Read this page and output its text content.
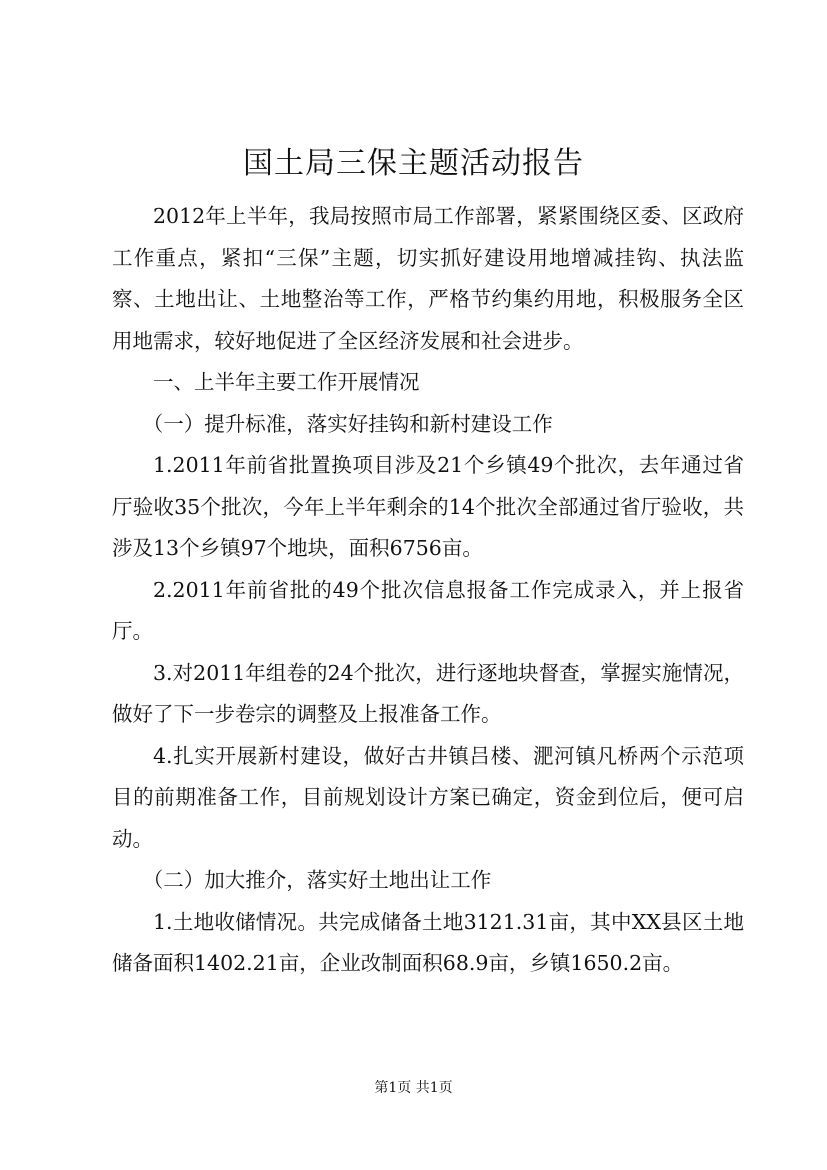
国土局三保主题活动报告

2012年上半年，我局按照市局工作部署，紧紧围绕区委、区政府工作重点，紧扣“三保”主题，切实抓好建设用地增减挂钩、执法监察、土地出让、土地整治等工作，严格节约集约用地，积极服务全区用地需求，较好地促进了全区经济发展和社会进步。

一、上半年主要工作开展情况

（一）提升标准，落实好挂钩和新村建设工作

1.2011年前省批置换项目涉及21个乡镇49个批次，去年通过省厅验收35个批次，今年上半年剩余的14个批次全部通过省厅验收，共涉及13个乡镇97个地块，面积6756亩。

2.2011年前省批的49个批次信息报备工作完成录入，并上报省厅。

3.对2011年组卷的24个批次，进行逐地块督查，掌握实施情况，做好了下一步卷宗的调整及上报准备工作。

4.扎实开展新村建设，做好古井镇吕楼、淝河镇凡桥两个示范项目的前期准备工作，目前规划设计方案已确定，资金到位后，便可启动。

（二）加大推介，落实好土地出让工作

1.土地收储情况。共完成储备土地3121.31亩，其中XX县区土地储备面积1402.21亩，企业改制面积68.9亩，乡镇1650.2亩。

第1页 共1页
